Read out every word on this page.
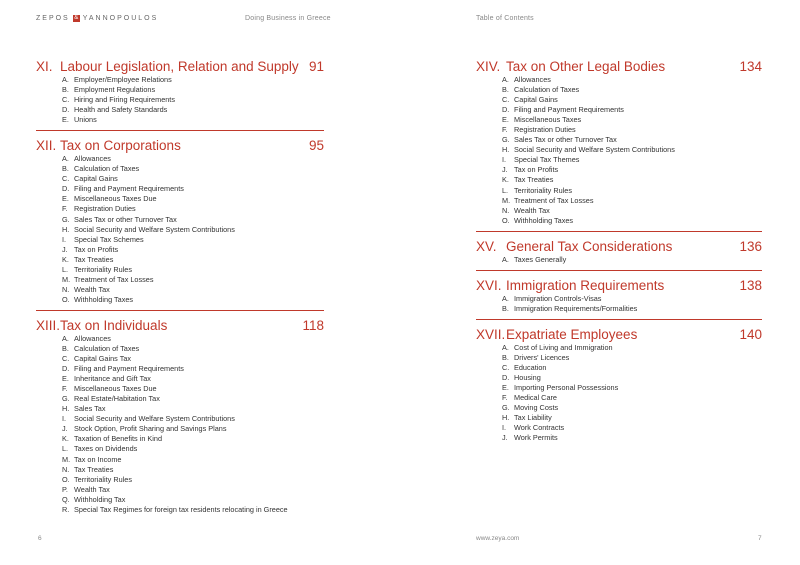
ZEPOS & YANNOPOULOS	Doing Business in Greece
XI. Labour Legislation, Relation and Supply 91
A. Employer/Employee Relations
B. Employment Regulations
C. Hiring and Firing Requirements
D. Health and Safety Standards
E. Unions
XII. Tax on Corporations	95
A. Allowances
B. Calculation of Taxes
C. Capital Gains
D. Filing and Payment Requirements
E. Miscellaneous Taxes Due
F. Registration Duties
G. Sales Tax or other Turnover Tax
H. Social Security and Welfare System Contributions
I.	Special Tax Schemes
J. Tax on Profits
K. Tax Treaties
L. Territoriality Rules
M. Treatment of Tax Losses
N. Wealth Tax
O. Withholding Taxes
XIII. Tax on Individuals	118
A. Allowances
B. Calculation of Taxes
C. Capital Gains Tax
D. Filing and Payment Requirements
E. Inheritance and Gift Tax
F. Miscellaneous Taxes Due
G. Real Estate/Habitation Tax
H. Sales Tax
I.	Social Security and Welfare System Contributions
J. Stock Option, Profit Sharing and Savings Plans
K. Taxation of Benefits in Kind
L. Taxes on Dividends
M. Tax on Income
N. Tax Treaties
O. Territoriality Rules
P. Wealth Tax
Q. Withholding Tax
R. Special Tax Regimes for foreign tax residents relocating in Greece
6
Table of Contents
XIV. Tax on Other Legal Bodies	134
A. Allowances
B. Calculation of Taxes
C. Capital Gains
D. Filing and Payment Requirements
E. Miscellaneous Taxes
F. Registration Duties
G. Sales Tax or other Turnover Tax
H. Social Security and Welfare System Contributions
I.	Special Tax Themes
J. Tax on Profits
K. Tax Treaties
L. Territoriality Rules
M. Treatment of Tax Losses
N. Wealth Tax
O. Withholding Taxes
XV. General Tax Considerations	136
A. Taxes Generally
XVI. Immigration Requirements	138
A. Immigration Controls-Visas
B. Immigration Requirements/Formalities
XVII. Expatriate Employees	140
A. Cost of Living and Immigration
B. Drivers' Licences
C. Education
D. Housing
E. Importing Personal Possessions
F. Medical Care
G. Moving Costs
H. Tax Liability
I.	Work Contracts
J. Work Permits
www.zeya.com	7
